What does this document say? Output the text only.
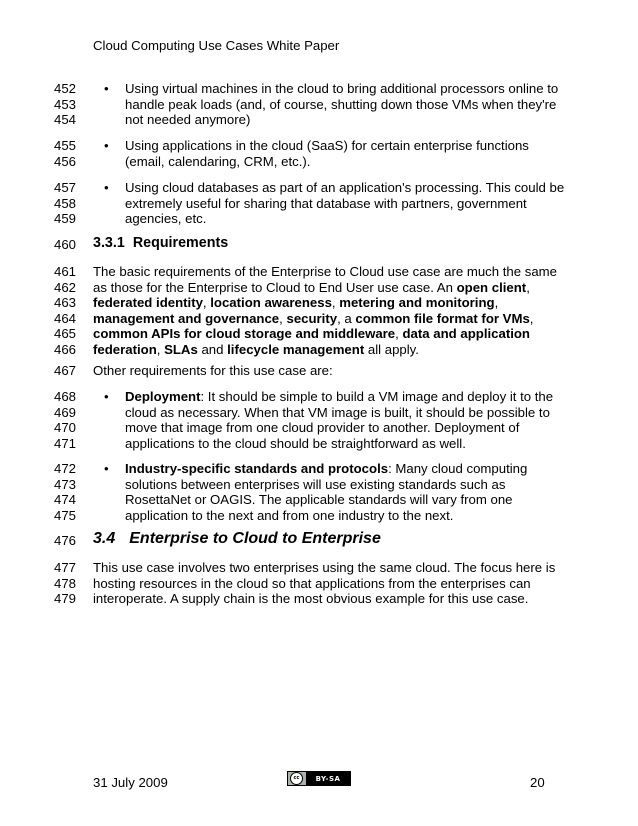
Cloud Computing Use Cases White Paper
452
453
454
455
456
457
458
459
460
461
462
463
464
465
466
467
468
469
470
471
472
473
474
475
476
477
478
479
• Using virtual machines in the cloud to bring additional processors online to
handle peak loads (and, of course, shutting down those VMs when they're
not needed anymore)
• Using applications in the cloud (SaaS) for certain enterprise functions
(email, calendaring, CRM, etc.).
• Using cloud databases as part of an application's processing. This could be
extremely useful for sharing that database with partners, government
agencies, etc.
3.3.1 Requirements
The basic requirements of the Enterprise to Cloud use case are much the same
as those for the Enterprise to Cloud to End User use case. An open client,
federated identity, location awareness, metering and monitoring,
management and governance, security, a common file format for VMs,
common APIs for cloud storage and middleware, data and application
federation, SLAs and lifecycle management all apply.
Other requirements for this use case are:
• Deployment: It should be simple to build a VM image and deploy it to the
cloud as necessary. When that VM image is built, it should be possible to
move that image from one cloud provider to another. Deployment of
applications to the cloud should be straightforward as well.
• Industry-specific standards and protocols: Many cloud computing
solutions between enterprises will use existing standards such as
RosettaNet or OAGIS. The applicable standards will vary from one
application to the next and from one industry to the next.
3.4 Enterprise to Cloud to Enterprise
This use case involves two enterprises using the same cloud. The focus here is
hosting resources in the cloud so that applications from the enterprises can
interoperate. A supply chain is the most obvious example for this use case.
31 July 2009	cc	BY-SA	20
